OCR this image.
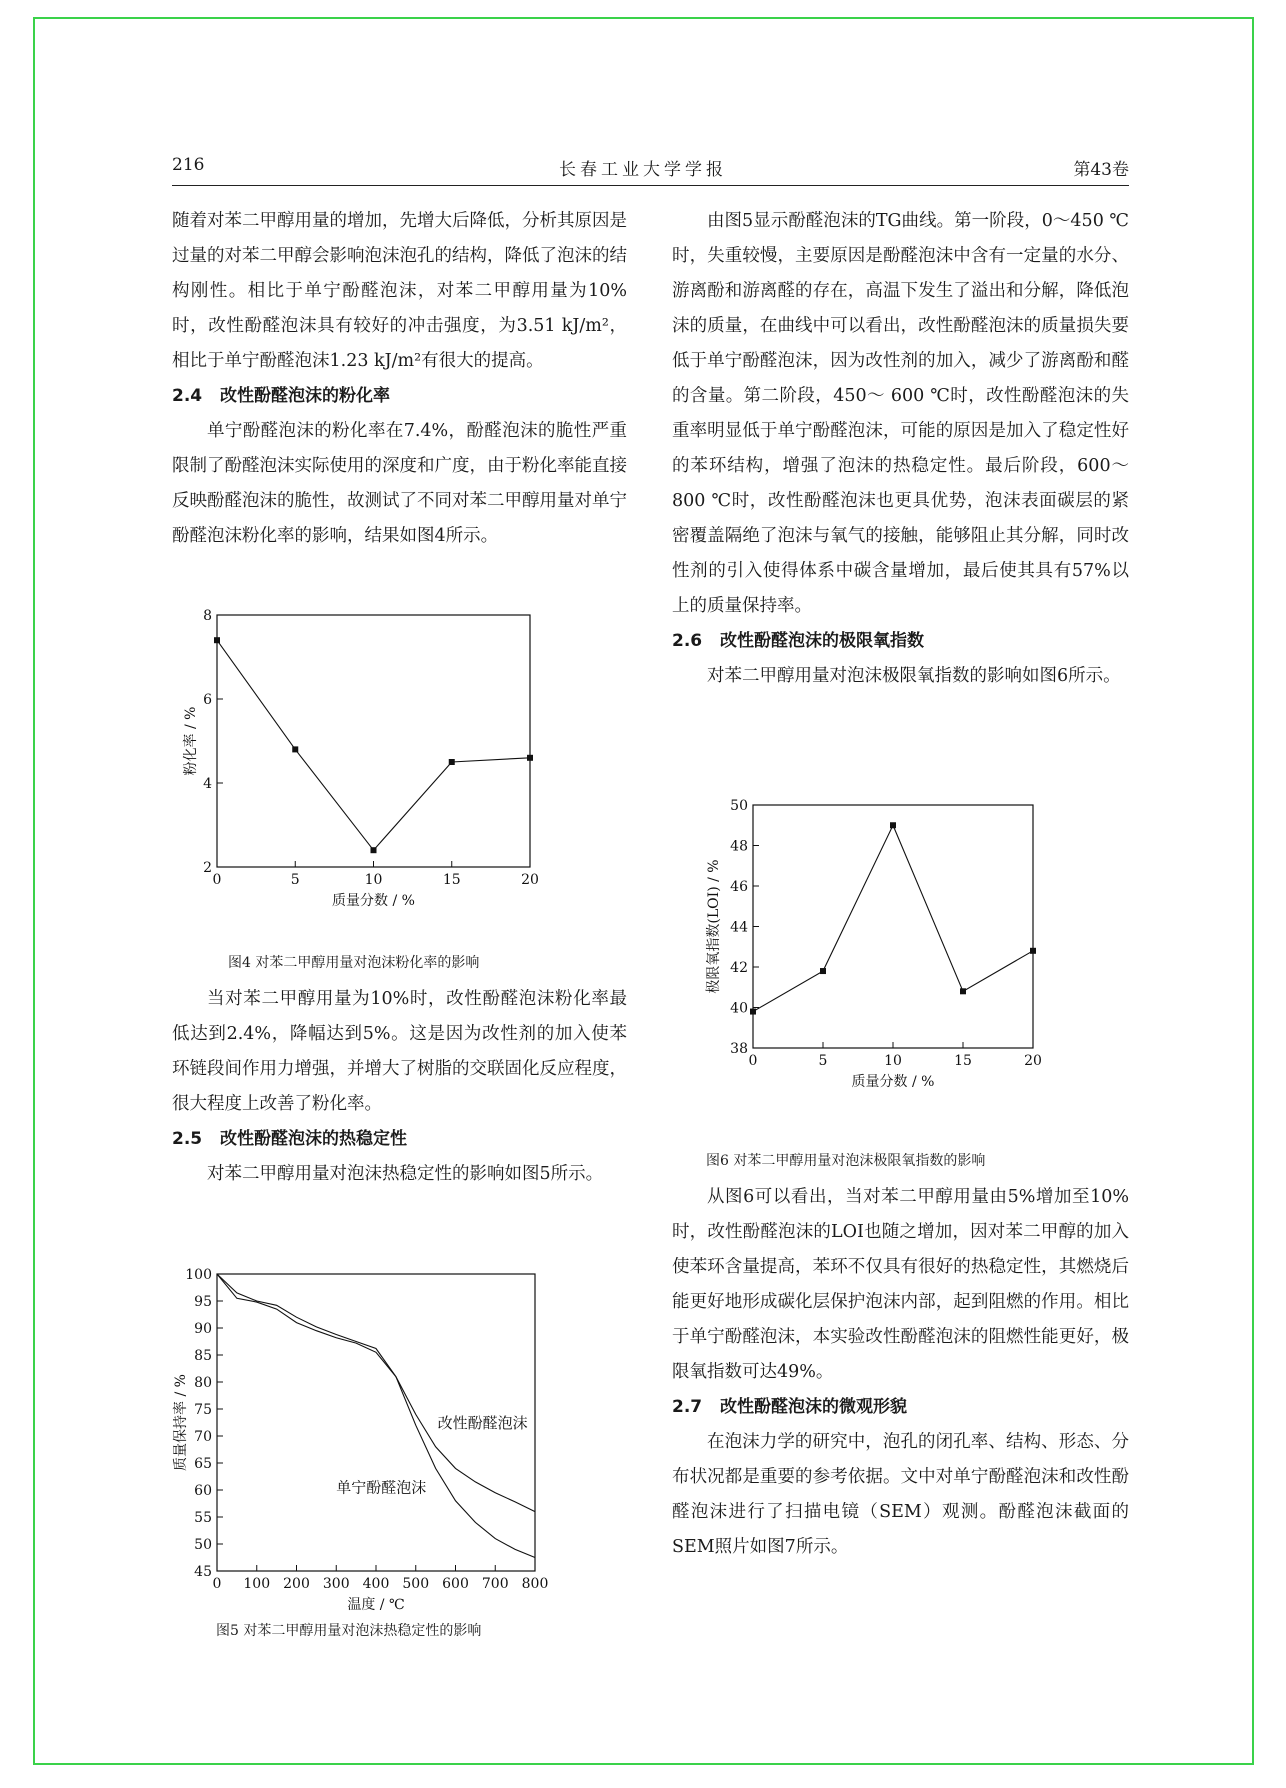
216	长春工业大学学报	第43卷

随着对苯二甲醇用量的增加，先增大后降低，分析其原因是过量的对苯二甲醇会影响泡沫泡孔的结构，降低了泡沫的结构刚性。相比于单宁酚醛泡沫，对苯二甲醇用量为10%时，改性酚醛泡沫具有较好的冲击强度，为3.51 kJ/m²，相比于单宁酚醛泡沫1.23 kJ/m²有很大的提高。

2.4 改性酚醛泡沫的粉化率

单宁酚醛泡沫的粉化率在7.4%，酚醛泡沫的脆性严重限制了酚醛泡沫实际使用的深度和广度，由于粉化率能直接反映酚醛泡沫的脆性，故测试了不同对苯二甲醇用量对单宁酚醛泡沫粉化率的影响，结果如图4所示。

0	5	10	15	20
2
4
6
8
质量分数 / %
粉化率 / %
图4 对苯二甲醇用量对泡沫粉化率的影响

当对苯二甲醇用量为10%时，改性酚醛泡沫粉化率最低达到2.4%，降幅达到5%。这是因为改性剂的加入使苯环链段间作用力增强，并增大了树脂的交联固化反应程度，很大程度上改善了粉化率。

2.5 改性酚醛泡沫的热稳定性

对苯二甲醇用量对泡沫热稳定性的影响如图5所示。

0 100 200 300 400 500 600 700 800
45
50
55
60
65
70
75
80
85
90
95
100
温度 / ℃
质量保持率 / %	改性酚醛泡沫
单宁酚醛泡沫
图5 对苯二甲醇用量对泡沫热稳定性的影响

由图5显示酚醛泡沫的TG曲线。第一阶段，0～450 ℃时，失重较慢，主要原因是酚醛泡沫中含有一定量的水分、游离酚和游离醛的存在，高温下发生了溢出和分解，降低泡沫的质量，在曲线中可以看出，改性酚醛泡沫的质量损失要低于单宁酚醛泡沫，因为改性剂的加入，减少了游离酚和醛的含量。第二阶段，450～ 600 ℃时，改性酚醛泡沫的失重率明显低于单宁酚醛泡沫，可能的原因是加入了稳定性好的苯环结构，增强了泡沫的热稳定性。最后阶段，600～ 800 ℃时，改性酚醛泡沫也更具优势，泡沫表面碳层的紧密覆盖隔绝了泡沫与氧气的接触，能够阻止其分解，同时改性剂的引入使得体系中碳含量增加，最后使其具有57%以上的质量保持率。

2.6 改性酚醛泡沫的极限氧指数

对苯二甲醇用量对泡沫极限氧指数的影响如图6所示。

0	5	10	15	20
38
40
42
44
46
48
50
质量分数 / %
极限氧指数(LOI) / %
图6 对苯二甲醇用量对泡沫极限氧指数的影响

从图6可以看出，当对苯二甲醇用量由5%增加至10%时，改性酚醛泡沫的LOI也随之增加，因对苯二甲醇的加入使苯环含量提高，苯环不仅具有很好的热稳定性，其燃烧后能更好地形成碳化层保护泡沫内部，起到阻燃的作用。相比于单宁酚醛泡沫，本实验改性酚醛泡沫的阻燃性能更好，极限氧指数可达49%。

2.7 改性酚醛泡沫的微观形貌

在泡沫力学的研究中，泡孔的闭孔率、结构、形态、分布状况都是重要的参考依据。文中对单宁酚醛泡沫和改性酚醛泡沫进行了扫描电镜（SEM）观测。酚醛泡沫截面的SEM照片如图7所示。
